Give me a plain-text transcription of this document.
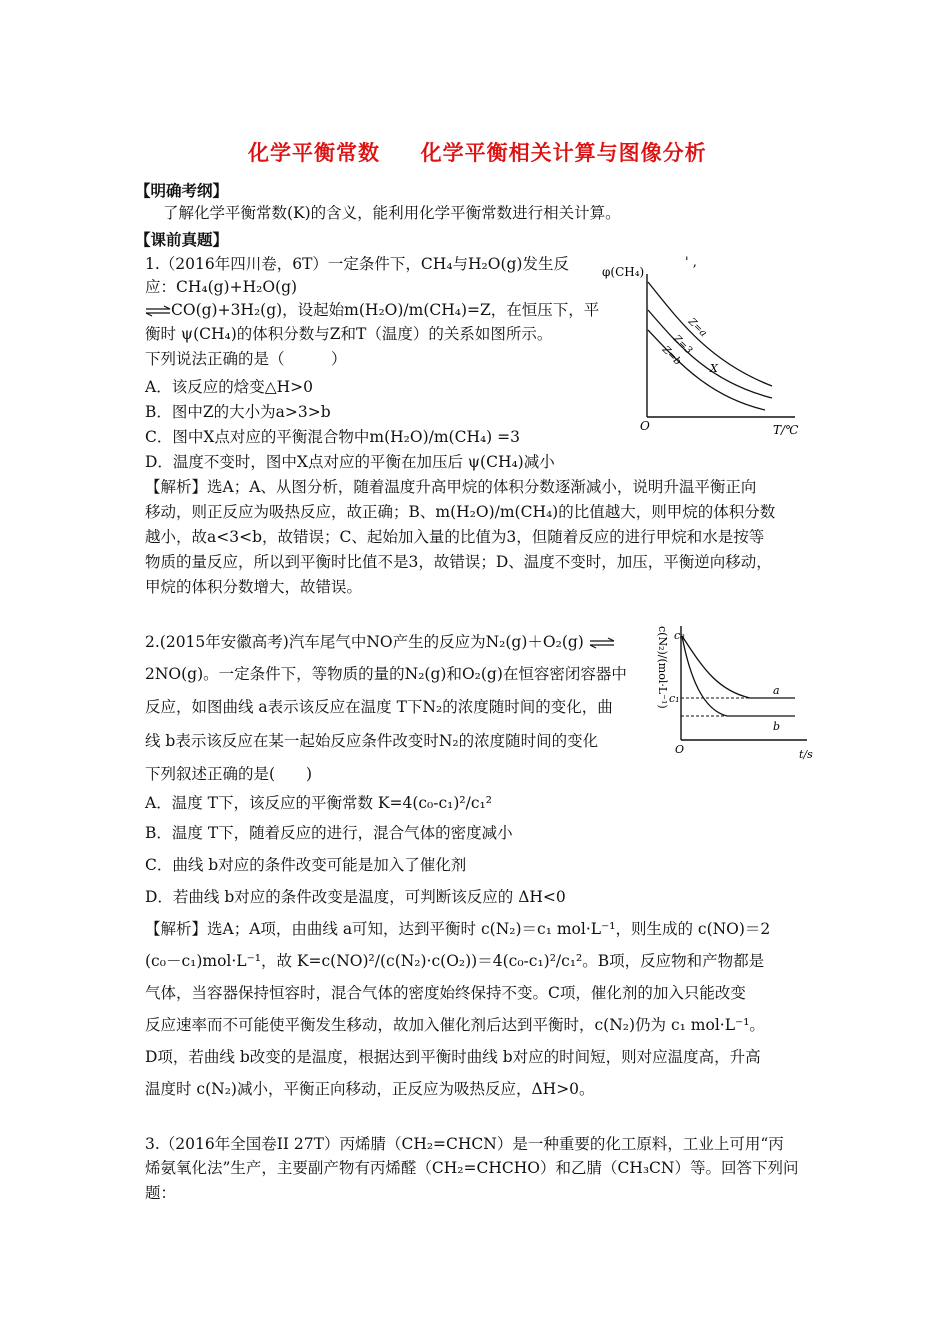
化学平衡常数 化学平衡相关计算与图像分析
【明确考纲】
了解化学平衡常数(K)的含义，能利用化学平衡常数进行相关计算。
【课前真题】
1.（2016年四川卷，6T）一定条件下，CH₄与H₂O(g)发生反
应：CH₄(g)+H₂O(g)
⇌CO(g)+3H₂(g)，设起始m(H₂O)/m(CH₄)=Z，在恒压下，平
衡时 ψ(CH₄)的体积分数与Z和T（温度）的关系如图所示。
下列说法正确的是（　　　）
A．该反应的焓变△H>0
B．图中Z的大小为a>3>b
C．图中X点对应的平衡混合物中m(H₂O)/m(CH₄) =3
D．温度不变时，图中X点对应的平衡在加压后 ψ(CH₄)减小
【解析】选A；A、从图分析，随着温度升高甲烷的体积分数逐渐减小，说明升温平衡正向
移动，则正反应为吸热反应，故正确；B、m(H₂O)/m(CH₄)的比值越大，则甲烷的体积分数
越小，故a<3<b，故错误；C、起始加入量的比值为3，但随着反应的进行甲烷和水是按等
物质的量反应，所以到平衡时比值不是3，故错误；D、温度不变时，加压，平衡逆向移动，
甲烷的体积分数增大，故错误。
' ,
φ(CH₄)
O	T/℃
Z=a
Z=3
Z=b
X
2.(2015年安徽高考)汽车尾气中NO产生的反应为N₂(g)＋O₂(g) ⇌
2NO(g)。一定条件下，等物质的量的N₂(g)和O₂(g)在恒容密闭容器中
反应，如图曲线 a表示该反应在温度 T下N₂的浓度随时间的变化，曲
线 b表示该反应在某一起始反应条件改变时N₂的浓度随时间的变化
下列叙述正确的是(　　)
A．温度 T下，该反应的平衡常数 K=4(c₀-c₁)²/c₁²
B．温度 T下，随着反应的进行，混合气体的密度减小
C．曲线 b对应的条件改变可能是加入了催化剂
D．若曲线 b对应的条件改变是温度，可判断该反应的 ΔH<0
【解析】选A；A项，由曲线 a可知，达到平衡时 c(N₂)＝c₁ mol·L⁻¹，则生成的 c(NO)＝2
(c₀－c₁)mol·L⁻¹，故 K=c(NO)²/(c(N₂)·c(O₂))＝4(c₀-c₁)²/c₁²。B项，反应物和产物都是
气体，当容器保持恒容时，混合气体的密度始终保持不变。C项，催化剂的加入只能改变
反应速率而不可能使平衡发生移动，故加入催化剂后达到平衡时，c(N₂)仍为 c₁ mol·L⁻¹。
D项，若曲线 b改变的是温度，根据达到平衡时曲线 b对应的时间短，则对应温度高，升高
温度时 c(N₂)减小，平衡正向移动，正反应为吸热反应，ΔH>0。
c(N₂)/(mol·L⁻¹) c₀
c₁
O	t/s
a
b
3.（2016年全国卷II 27T）丙烯腈（CH₂=CHCN）是一种重要的化工原料，工业上可用“丙
烯氨氧化法”生产，主要副产物有丙烯醛（CH₂=CHCHO）和乙腈（CH₃CN）等。回答下列问
题：
